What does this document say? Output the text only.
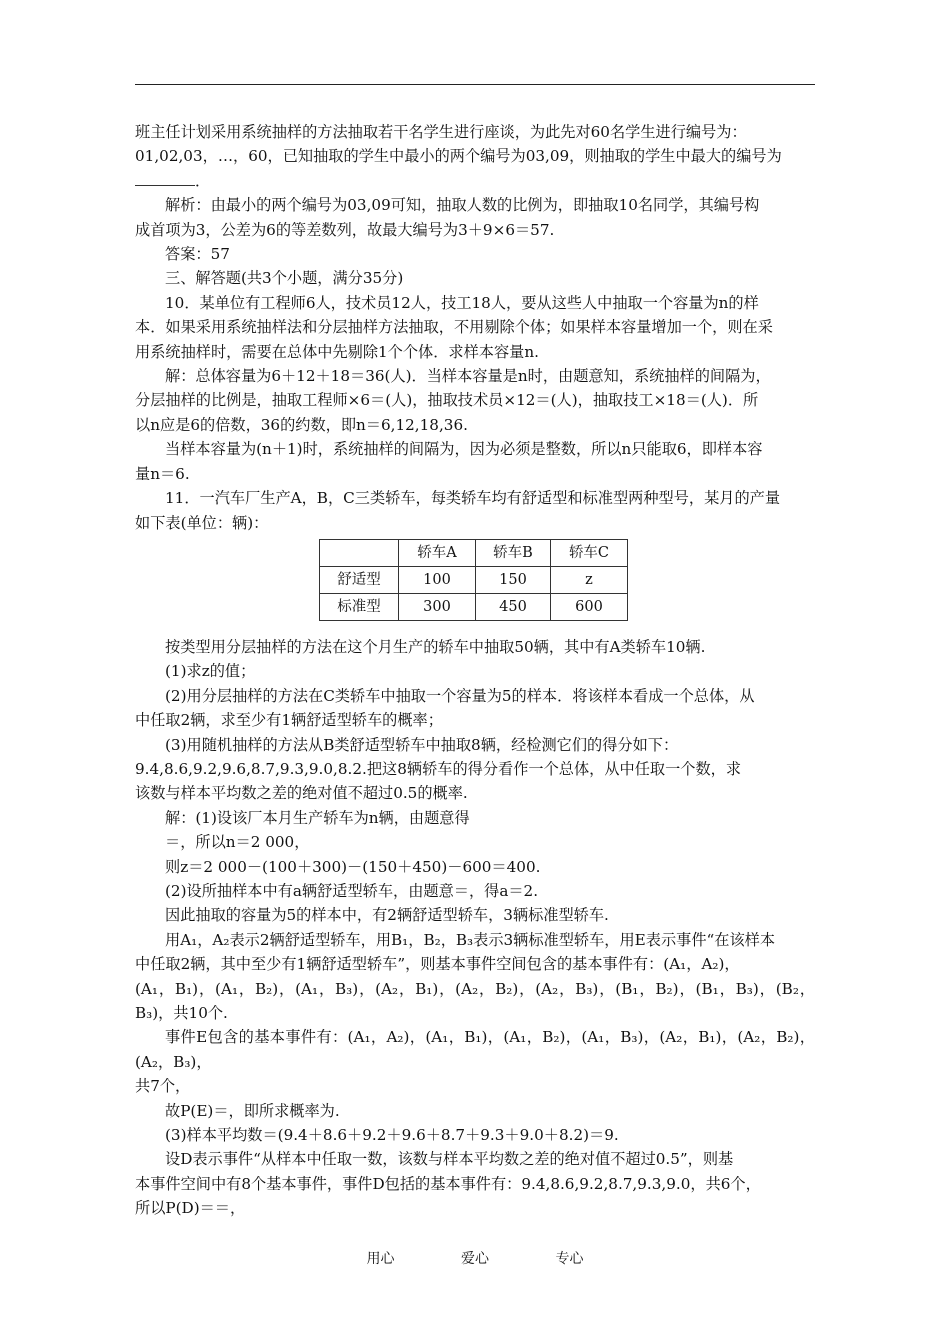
班主任计划采用系统抽样的方法抽取若干名学生进行座谈，为此先对60名学生进行编号为：

01,02,03，…，60，已知抽取的学生中最小的两个编号为03,09，则抽取的学生中最大的编号为

．

解析：由最小的两个编号为03,09可知，抽取人数的比例为，即抽取10名同学，其编号构

成首项为3，公差为6的等差数列，故最大编号为3＋9×6＝57.

答案：57

三、解答题(共3个小题，满分35分)

10．某单位有工程师6人，技术员12人，技工18人，要从这些人中抽取一个容量为n的样

本．如果采用系统抽样法和分层抽样方法抽取，不用剔除个体；如果样本容量增加一个，则在采

用系统抽样时，需要在总体中先剔除1个个体．求样本容量n.

解：总体容量为6＋12＋18＝36(人)．当样本容量是n时，由题意知，系统抽样的间隔为，

分层抽样的比例是，抽取工程师×6＝(人)，抽取技术员×12＝(人)，抽取技工×18＝(人)．所

以n应是6的倍数，36的约数，即n＝6,12,18,36.

当样本容量为(n＋1)时，系统抽样的间隔为，因为必须是整数，所以n只能取6，即样本容

量n＝6.

11．一汽车厂生产A，B，C三类轿车，每类轿车均有舒适型和标准型两种型号，某月的产量

如下表(单位：辆)：

	轿车A	轿车B	轿车C
舒适型	100	150	z
标准型	300	450	600

按类型用分层抽样的方法在这个月生产的轿车中抽取50辆，其中有A类轿车10辆.

(1)求z的值；

(2)用分层抽样的方法在C类轿车中抽取一个容量为5的样本．将该样本看成一个总体，从

中任取2辆，求至少有1辆舒适型轿车的概率；

(3)用随机抽样的方法从B类舒适型轿车中抽取8辆，经检测它们的得分如下：

9.4,8.6,9.2,9.6,8.7,9.3,9.0,8.2.把这8辆轿车的得分看作一个总体，从中任取一个数，求

该数与样本平均数之差的绝对值不超过0.5的概率.

解：(1)设该厂本月生产轿车为n辆，由题意得

＝，所以n＝2 000，

则z＝2 000－(100＋300)－(150＋450)－600＝400.

(2)设所抽样本中有a辆舒适型轿车，由题意＝，得a＝2.

因此抽取的容量为5的样本中，有2辆舒适型轿车，3辆标准型轿车.

用A₁，A₂表示2辆舒适型轿车，用B₁，B₂，B₃表示3辆标准型轿车，用E表示事件“在该样本

中任取2辆，其中至少有1辆舒适型轿车”，则基本事件空间包含的基本事件有：(A₁，A₂)，

(A₁，B₁)，(A₁，B₂)，(A₁，B₃)，(A₂，B₁)，(A₂，B₂)，(A₂，B₃)，(B₁，B₂)，(B₁，B₃)，(B₂，B₃)，共10个.

事件E包含的基本事件有：(A₁，A₂)，(A₁，B₁)，(A₁，B₂)，(A₁，B₃)，(A₂，B₁)，(A₂，B₂)，(A₂，B₃)，

共7个，

故P(E)＝，即所求概率为.

(3)样本平均数＝(9.4＋8.6＋9.2＋9.6＋8.7＋9.3＋9.0＋8.2)＝9.

设D表示事件“从样本中任取一数，该数与样本平均数之差的绝对值不超过0.5”，则基

本事件空间中有8个基本事件，事件D包括的基本事件有：9.4,8.6,9.2,8.7,9.3,9.0，共6个，

所以P(D)＝＝，

用心	爱心	专心
